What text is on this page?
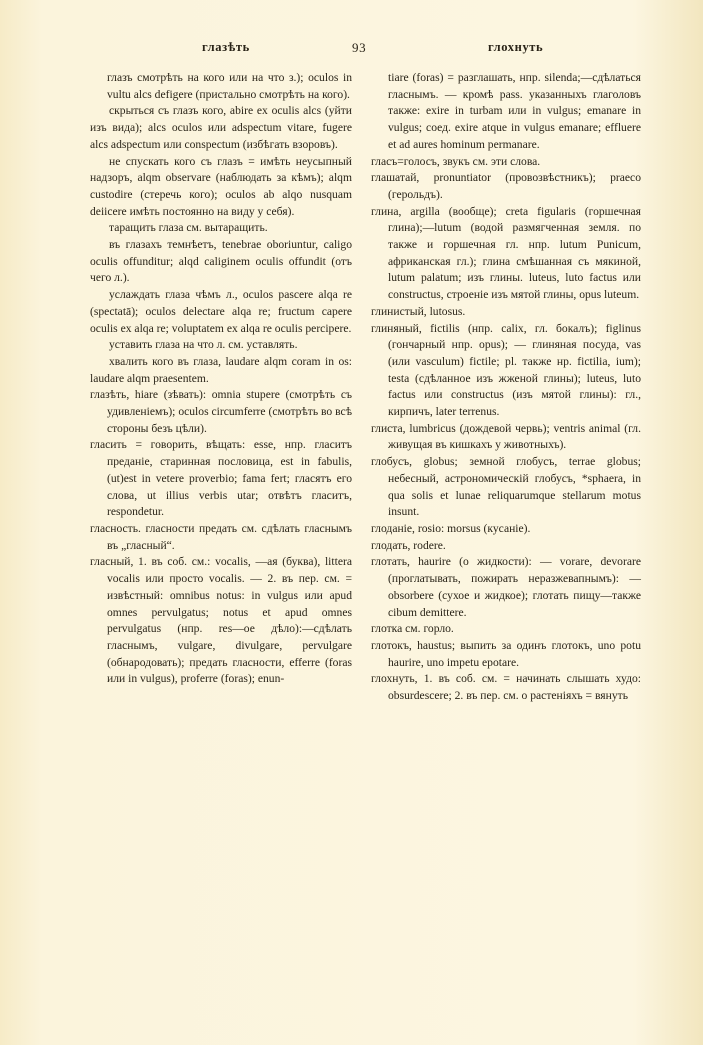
глазѣть	93	глохнуть

глазъ смотрѣть на кого или на что з.); oculos in vultu alcs defigere (пристально смотрѣть на кого).

скрыться съ глазъ кого, abire ex oculis alcs (уйти изъ вида); alcs oculos или adspectum vitare, fugere alcs adspectum или conspectum (избѣгать взоровъ).

не спускать кого съ глазъ = имѣть неусыпный надзоръ, alqm observare (наблюдать за кѣмъ); alqm custodire (стеречь кого); oculos ab alqo nusquam deiicere имѣть постоянно на виду у себя).

таращить глаза см. вытаращить.

въ глазахъ темнѣетъ, tenebrae oboriuntur, caligo oculis offunditur; alqd caliginem oculis offundit (отъ чего л.).

услаждать глаза чѣмъ л., oculos pascere alqa re (spectatā); oculos delectare alqa re; fructum capere oculis ex alqa re; voluptatem ex alqa re oculis percipere.

уставить глаза на что л. см. уставлять.

хвалить кого въ глаза, laudare alqm coram in os: laudare alqm praesentem.

глазѣть, hiare (зѣвать): omnia stupere (смотрѣть съ удивленіемъ); oculos circumferre (смотрѣть во всѣ стороны безъ цѣли).

гласить = говорить, вѣщать: esse, нпр. гласитъ преданіе, старинная пословица, est in fabulis, (ut)est in vetere proverbio; fama fert; гласятъ его слова, ut illius verbis utar; отвѣтъ гласитъ, respondetur.

гласность. гласности предать см. сдѣлать гласнымъ въ „гласный“.

гласный, 1. въ соб. см.: vocalis, —ая (буква), littera vocalis или просто vocalis. — 2. въ пер. см. = извѣстный: omnibus notus: in vulgus или apud omnes pervulgatus; notus et apud omnes pervulgatus (нпр. res—ое дѣло):—сдѣлать гласнымъ, vulgare, divulgare, pervulgare (обнародовать); предать гласности, efferre (foras или in vulgus), proferre (foras); enun-

tiare (foras) = разглашать, нпр. silenda;—сдѣлаться гласнымъ. — кромѣ pass. указанныхъ глаголовъ также: exire in turbam или in vulgus; emanare in vulgus; соед. exire atque in vulgus emanare; effluere et ad aures hominum permanare.

гласъ=голосъ, звукъ см. эти слова.

глашатай, pronuntiator (провозвѣстникъ); praeco (герольдъ).

глина, argilla (вообще); creta figularis (горшечная глина);—lutum (водой размягченная земля. по также и горшечная гл. нпр. lutum Punicum, африканская гл.); глина смѣшанная съ мякиной, lutum palatum; изъ глины. luteus, luto factus или constructus, строеніе изъ мятой глины, opus luteum.

глинистый, lutosus.

глиняный, fictilis (нпр. calix, гл. бокалъ); figlinus (гончарный нпр. opus); — глиняная посуда, vas (или vasculum) fictile; pl. также нр. fictilia, ium); testa (сдѣланное изъ жженой глины); luteus, luto factus или constructus (изъ мятой глины): гл., кирпичъ, later terrenus.

глиста, lumbricus (дождевой червь); ventris animal (гл. живущая въ кишкахъ у животныхъ).

глобусъ, globus; земной глобусъ, terrae globus; небесный, астрономическій глобусъ, *sphaera, in qua solis et lunae reliquarumque stellarum motus insunt.

глоданіе, rosio: morsus (кусаніе).

глодать, rodere.

глотать, haurire (о жидкости): — vorare, devorare (проглатывать, пожирать неразжевапнымъ): — obsorbere (сухое и жидкое); глотать пищу—также cibum demittere.

глотка см. горло.

глотокъ, haustus; выпить за одинъ глотокъ, uno potu haurire, uno impetu epotare.

глохнуть, 1. въ соб. см. = начинать слышать худо: obsurdescere; 2. въ пер. см. о растеніяхъ = вянуть
